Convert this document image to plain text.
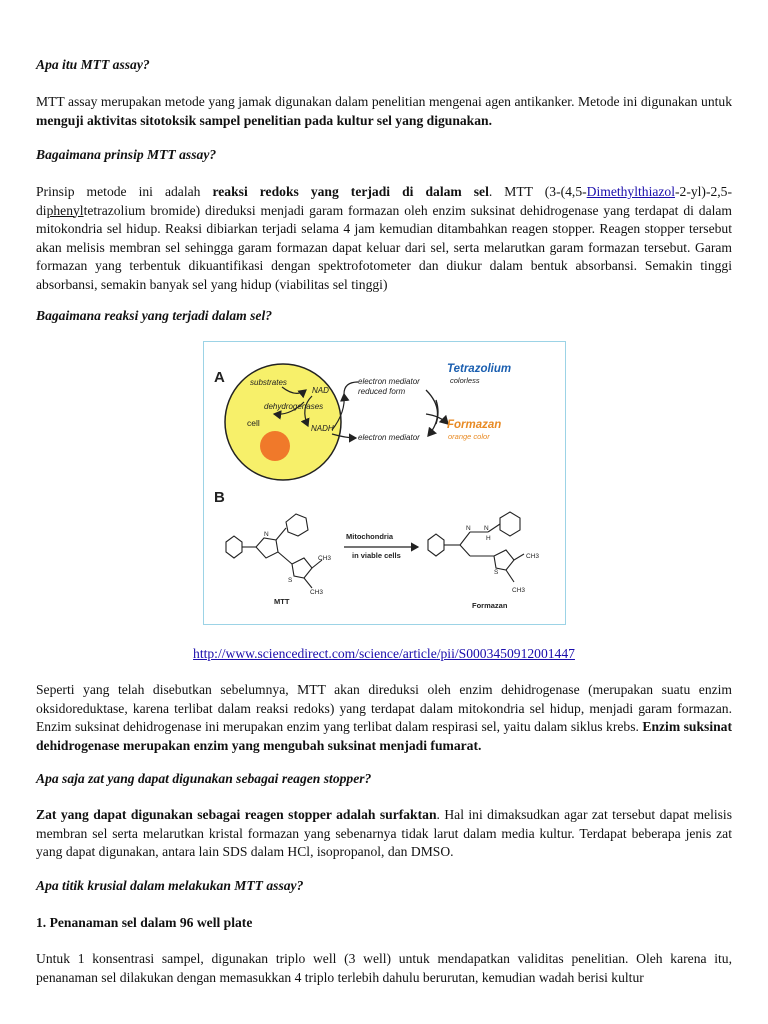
Apa itu MTT assay?

MTT assay merupakan metode yang jamak digunakan dalam penelitian mengenai agen antikanker. Metode ini digunakan untuk menguji aktivitas sitotoksik sampel penelitian pada kultur sel yang digunakan.

Bagaimana prinsip MTT assay?

Prinsip metode ini adalah reaksi redoks yang terjadi di dalam sel. MTT (3-(4,5-Dimethylthiazol-2-yl)-2,5-diphenyltetrazolium bromide) direduksi menjadi garam formazan oleh enzim suksinat dehidrogenase yang terdapat di dalam mitokondria sel hidup. Reaksi dibiarkan terjadi selama 4 jam kemudian ditambahkan reagen stopper. Reagen stopper tersebut akan melisis membran sel sehingga garam formazan dapat keluar dari sel, serta melarutkan garam formazan tersebut. Garam formazan yang terbentuk dikuantifikasi dengan spektrofotometer dan diukur dalam bentuk absorbansi. Semakin tinggi absorbansi, semakin banyak sel yang hidup (viabilitas sel tinggi)

Bagaimana reaksi yang terjadi dalam sel?

A	substrates
NAD
dehydrogenases
cell
NADH
electron mediator
reduced form
electron mediator
Tetrazolium
colorless
Formazan
orange color
B
N
S
CH3
CH3
MTT
Mitochondria
in viable cells
N N
H
S
CH3
CH3
Formazan

http://www.sciencedirect.com/science/article/pii/S0003450912001447

Seperti yang telah disebutkan sebelumnya, MTT akan direduksi oleh enzim dehidrogenase (merupakan suatu enzim oksidoreduktase, karena terlibat dalam reaksi redoks) yang terdapat dalam mitokondria sel hidup, menjadi garam formazan. Enzim suksinat dehidrogenase ini merupakan enzim yang terlibat dalam respirasi sel, yaitu dalam siklus krebs. Enzim suksinat dehidrogenase merupakan enzim yang mengubah suksinat menjadi fumarat.

Apa saja zat yang dapat digunakan sebagai reagen stopper?

Zat yang dapat digunakan sebagai reagen stopper adalah surfaktan. Hal ini dimaksudkan agar zat tersebut dapat melisis membran sel serta melarutkan kristal formazan yang sebenarnya tidak larut dalam media kultur. Terdapat beberapa jenis zat yang dapat digunakan, antara lain SDS dalam HCl, isopropanol, dan DMSO.

Apa titik krusial dalam melakukan MTT assay?

1. Penanaman sel dalam 96 well plate

Untuk 1 konsentrasi sampel, digunakan triplo well (3 well) untuk mendapatkan validitas penelitian. Oleh karena itu, penanaman sel dilakukan dengan memasukkan 4 triplo terlebih dahulu berurutan, kemudian wadah berisi kultur
